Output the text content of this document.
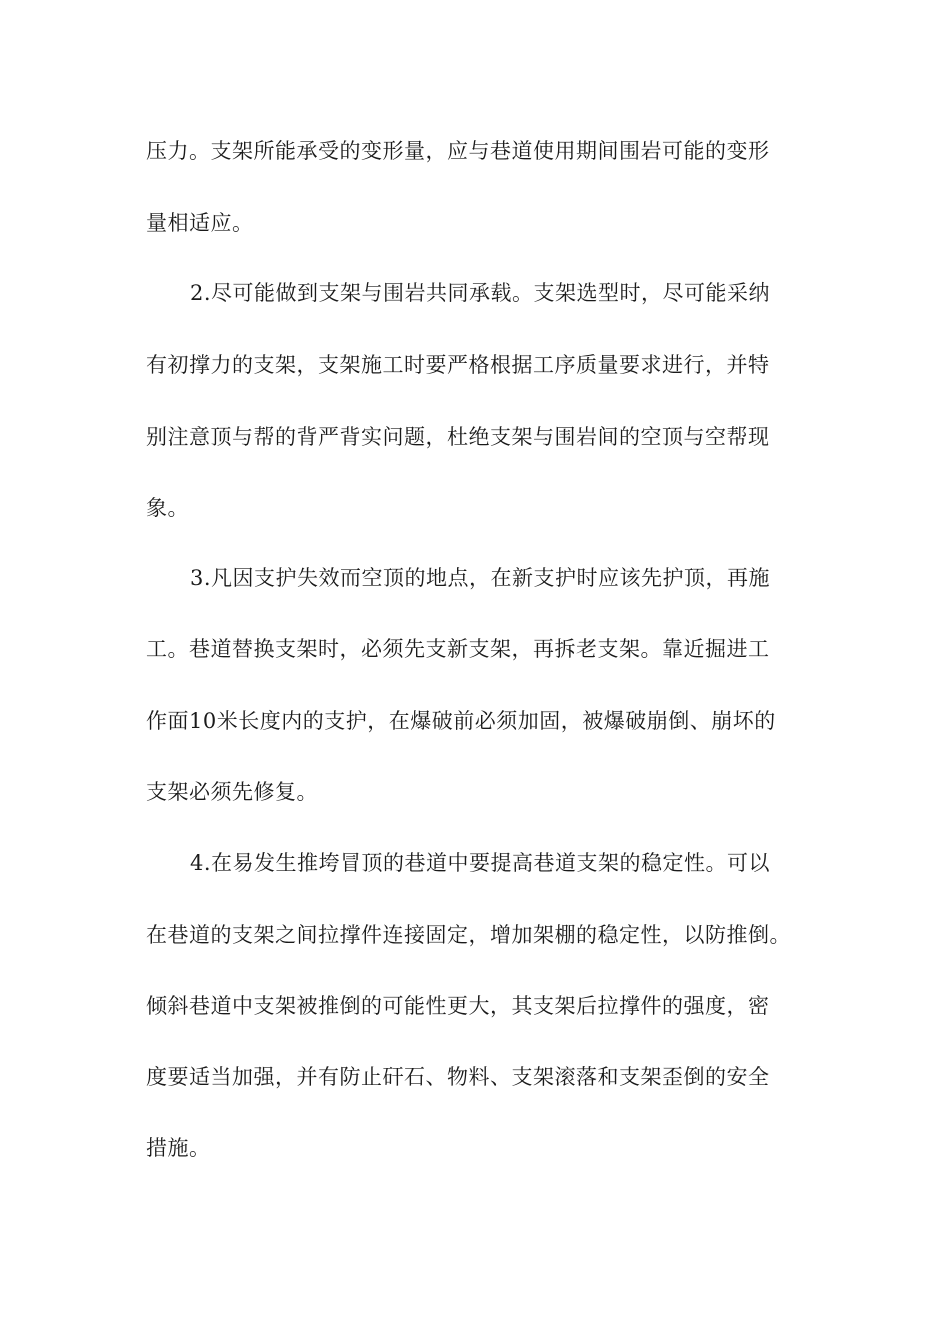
压力。支架所能承受的变形量，应与巷道使用期间围岩可能的变形

量相适应。

2.尽可能做到支架与围岩共同承载。支架选型时，尽可能采纳

有初撑力的支架，支架施工时要严格根据工序质量要求进行，并特

别注意顶与帮的背严背实问题，杜绝支架与围岩间的空顶与空帮现

象。

3.凡因支护失效而空顶的地点，在新支护时应该先护顶，再施

工。巷道替换支架时，必须先支新支架，再拆老支架。靠近掘进工

作面10米长度内的支护，在爆破前必须加固，被爆破崩倒、崩坏的

支架必须先修复。

4.在易发生推垮冒顶的巷道中要提高巷道支架的稳定性。可以

在巷道的支架之间拉撑件连接固定，增加架棚的稳定性，以防推倒。

倾斜巷道中支架被推倒的可能性更大，其支架后拉撑件的强度，密

度要适当加强，并有防止矸石、物料、支架滚落和支架歪倒的安全

措施。
